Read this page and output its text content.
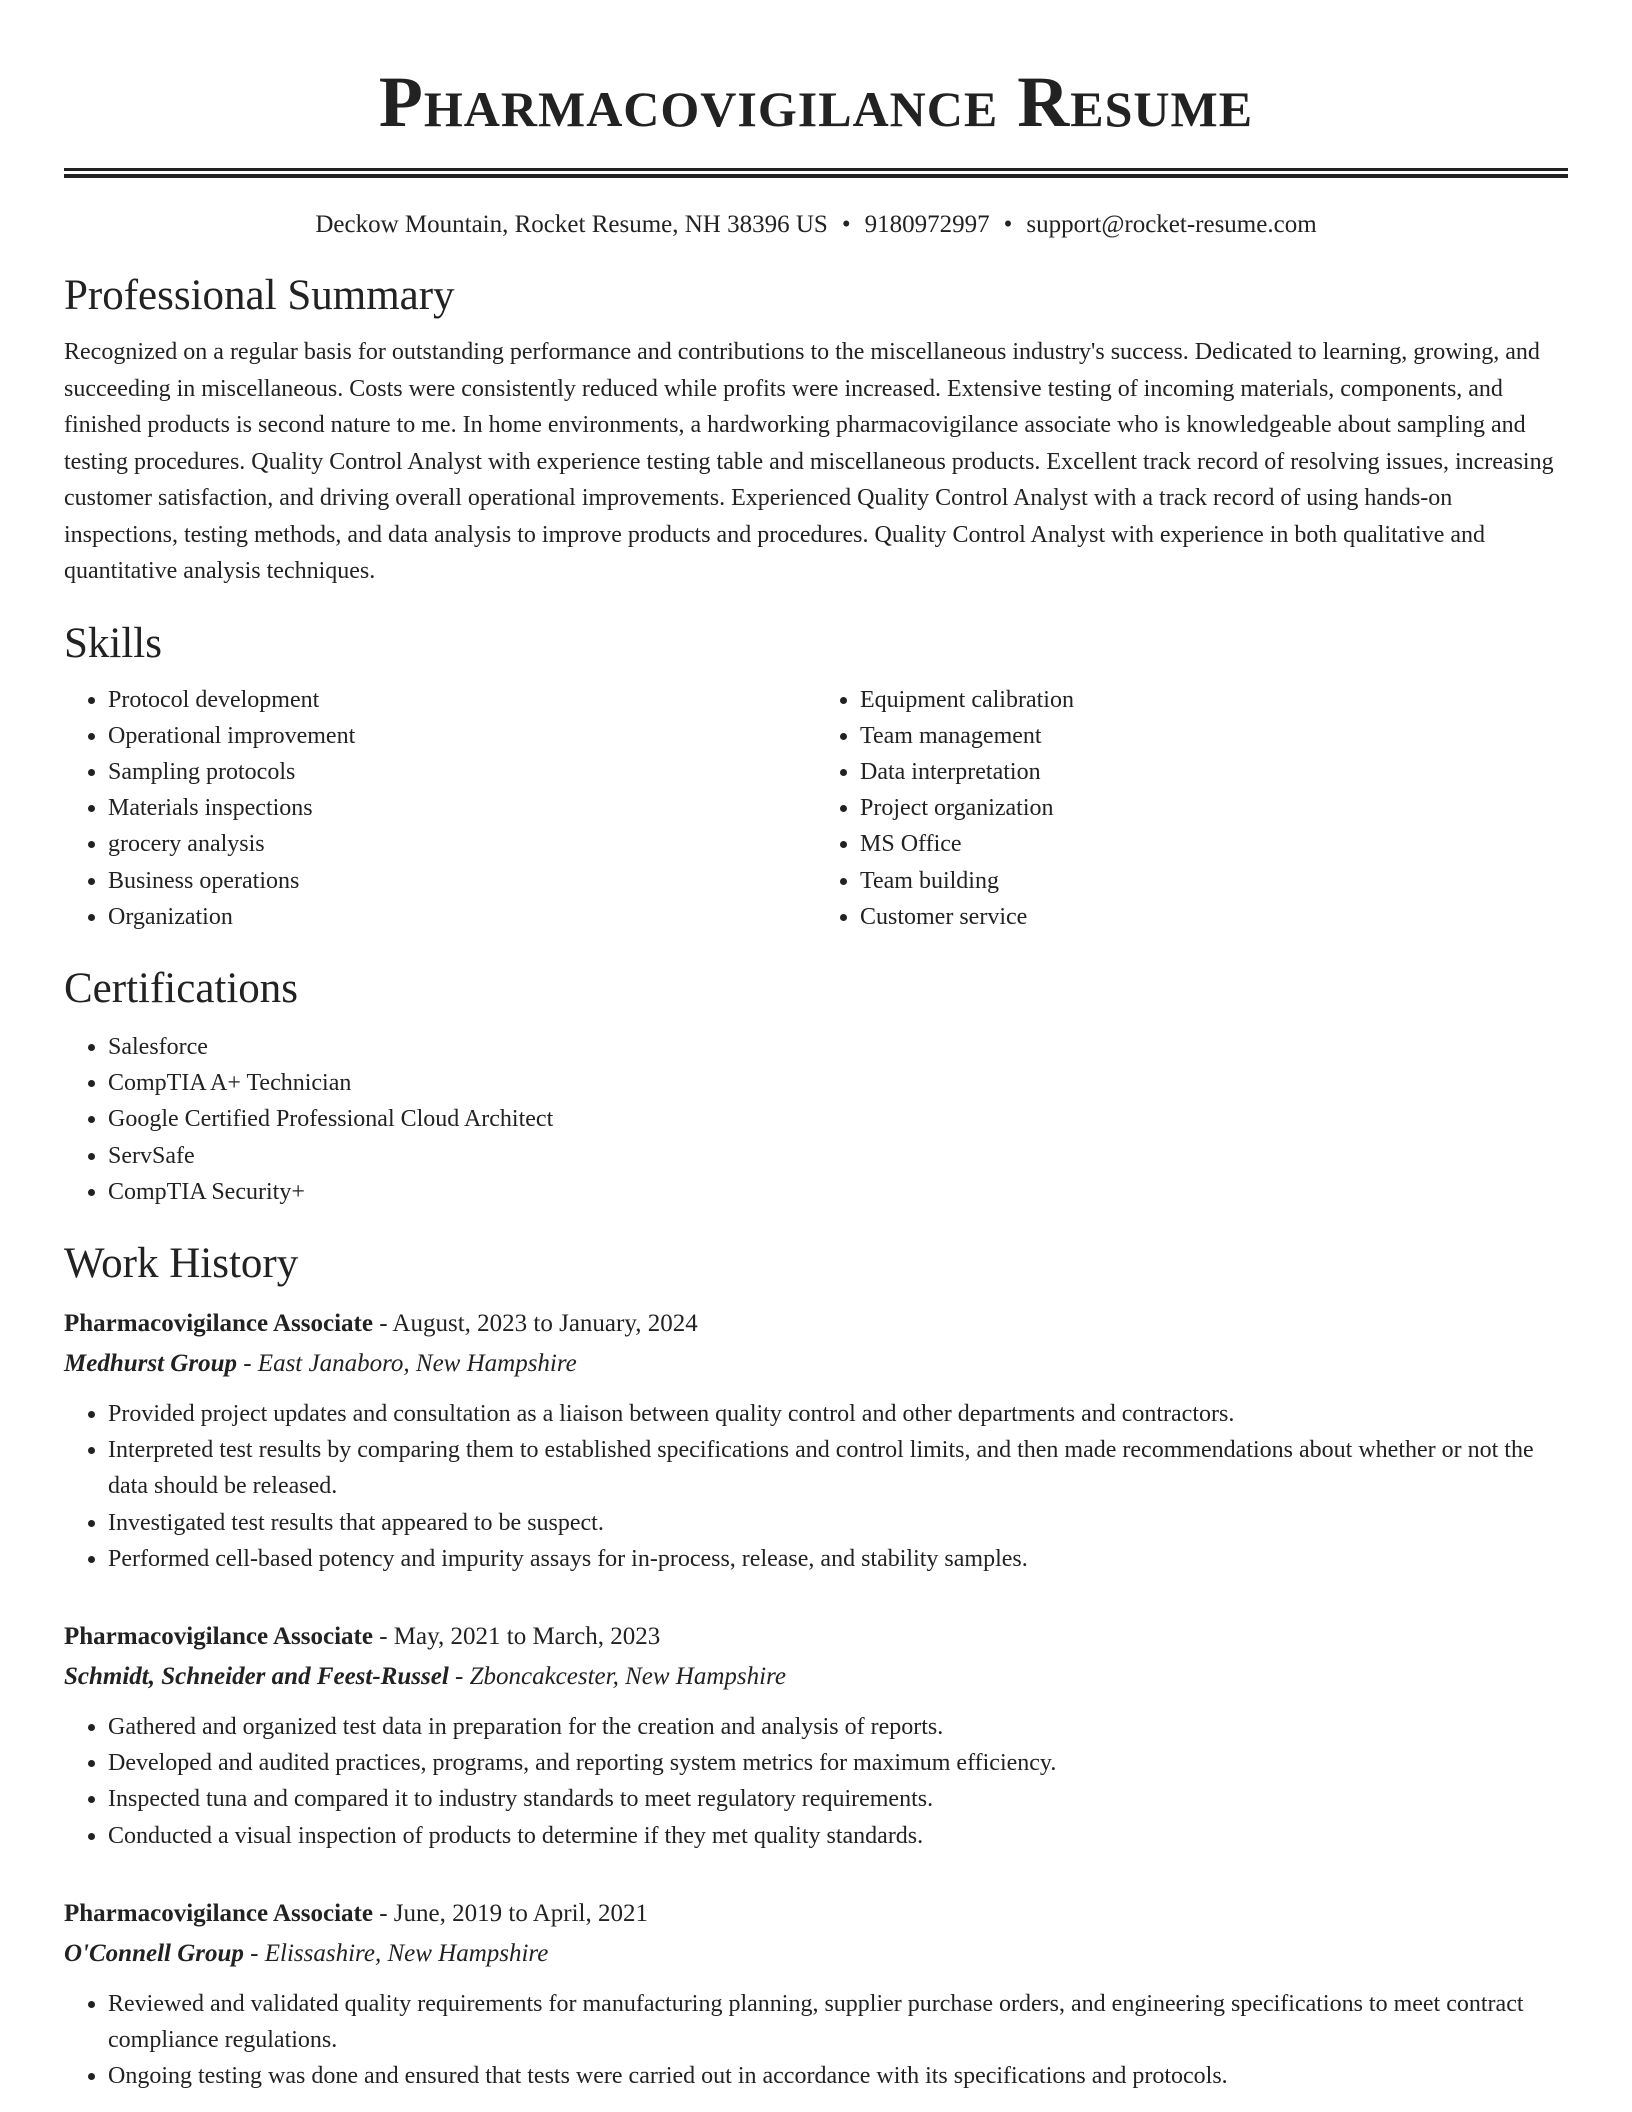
Pharmacovigilance Resume
Deckow Mountain, Rocket Resume, NH 38396 US • 9180972997 • support@rocket-resume.com
Professional Summary
Recognized on a regular basis for outstanding performance and contributions to the miscellaneous industry's success. Dedicated to learning, growing, and succeeding in miscellaneous. Costs were consistently reduced while profits were increased. Extensive testing of incoming materials, components, and finished products is second nature to me. In home environments, a hardworking pharmacovigilance associate who is knowledgeable about sampling and testing procedures. Quality Control Analyst with experience testing table and miscellaneous products. Excellent track record of resolving issues, increasing customer satisfaction, and driving overall operational improvements. Experienced Quality Control Analyst with a track record of using hands-on inspections, testing methods, and data analysis to improve products and procedures. Quality Control Analyst with experience in both qualitative and quantitative analysis techniques.
Skills
• Protocol development
• Operational improvement
• Sampling protocols
• Materials inspections
• grocery analysis
• Business operations
• Organization
• Equipment calibration
• Team management
• Data interpretation
• Project organization
• MS Office
• Team building
• Customer service
Certifications
• Salesforce
• CompTIA A+ Technician
• Google Certified Professional Cloud Architect
• ServSafe
• CompTIA Security+
Work History
Pharmacovigilance Associate - August, 2023 to January, 2024
Medhurst Group - East Janaboro, New Hampshire
• Provided project updates and consultation as a liaison between quality control and other departments and contractors.
• Interpreted test results by comparing them to established specifications and control limits, and then made recommendations about whether or not the data should be released.
• Investigated test results that appeared to be suspect.
• Performed cell-based potency and impurity assays for in-process, release, and stability samples.
Pharmacovigilance Associate - May, 2021 to March, 2023
Schmidt, Schneider and Feest-Russel - Zboncakcester, New Hampshire
• Gathered and organized test data in preparation for the creation and analysis of reports.
• Developed and audited practices, programs, and reporting system metrics for maximum efficiency.
• Inspected tuna and compared it to industry standards to meet regulatory requirements.
• Conducted a visual inspection of products to determine if they met quality standards.
Pharmacovigilance Associate - June, 2019 to April, 2021
O'Connell Group - Elissashire, New Hampshire
• Reviewed and validated quality requirements for manufacturing planning, supplier purchase orders, and engineering specifications to meet contract compliance regulations.
• Ongoing testing was done and ensured that tests were carried out in accordance with its specifications and protocols.
